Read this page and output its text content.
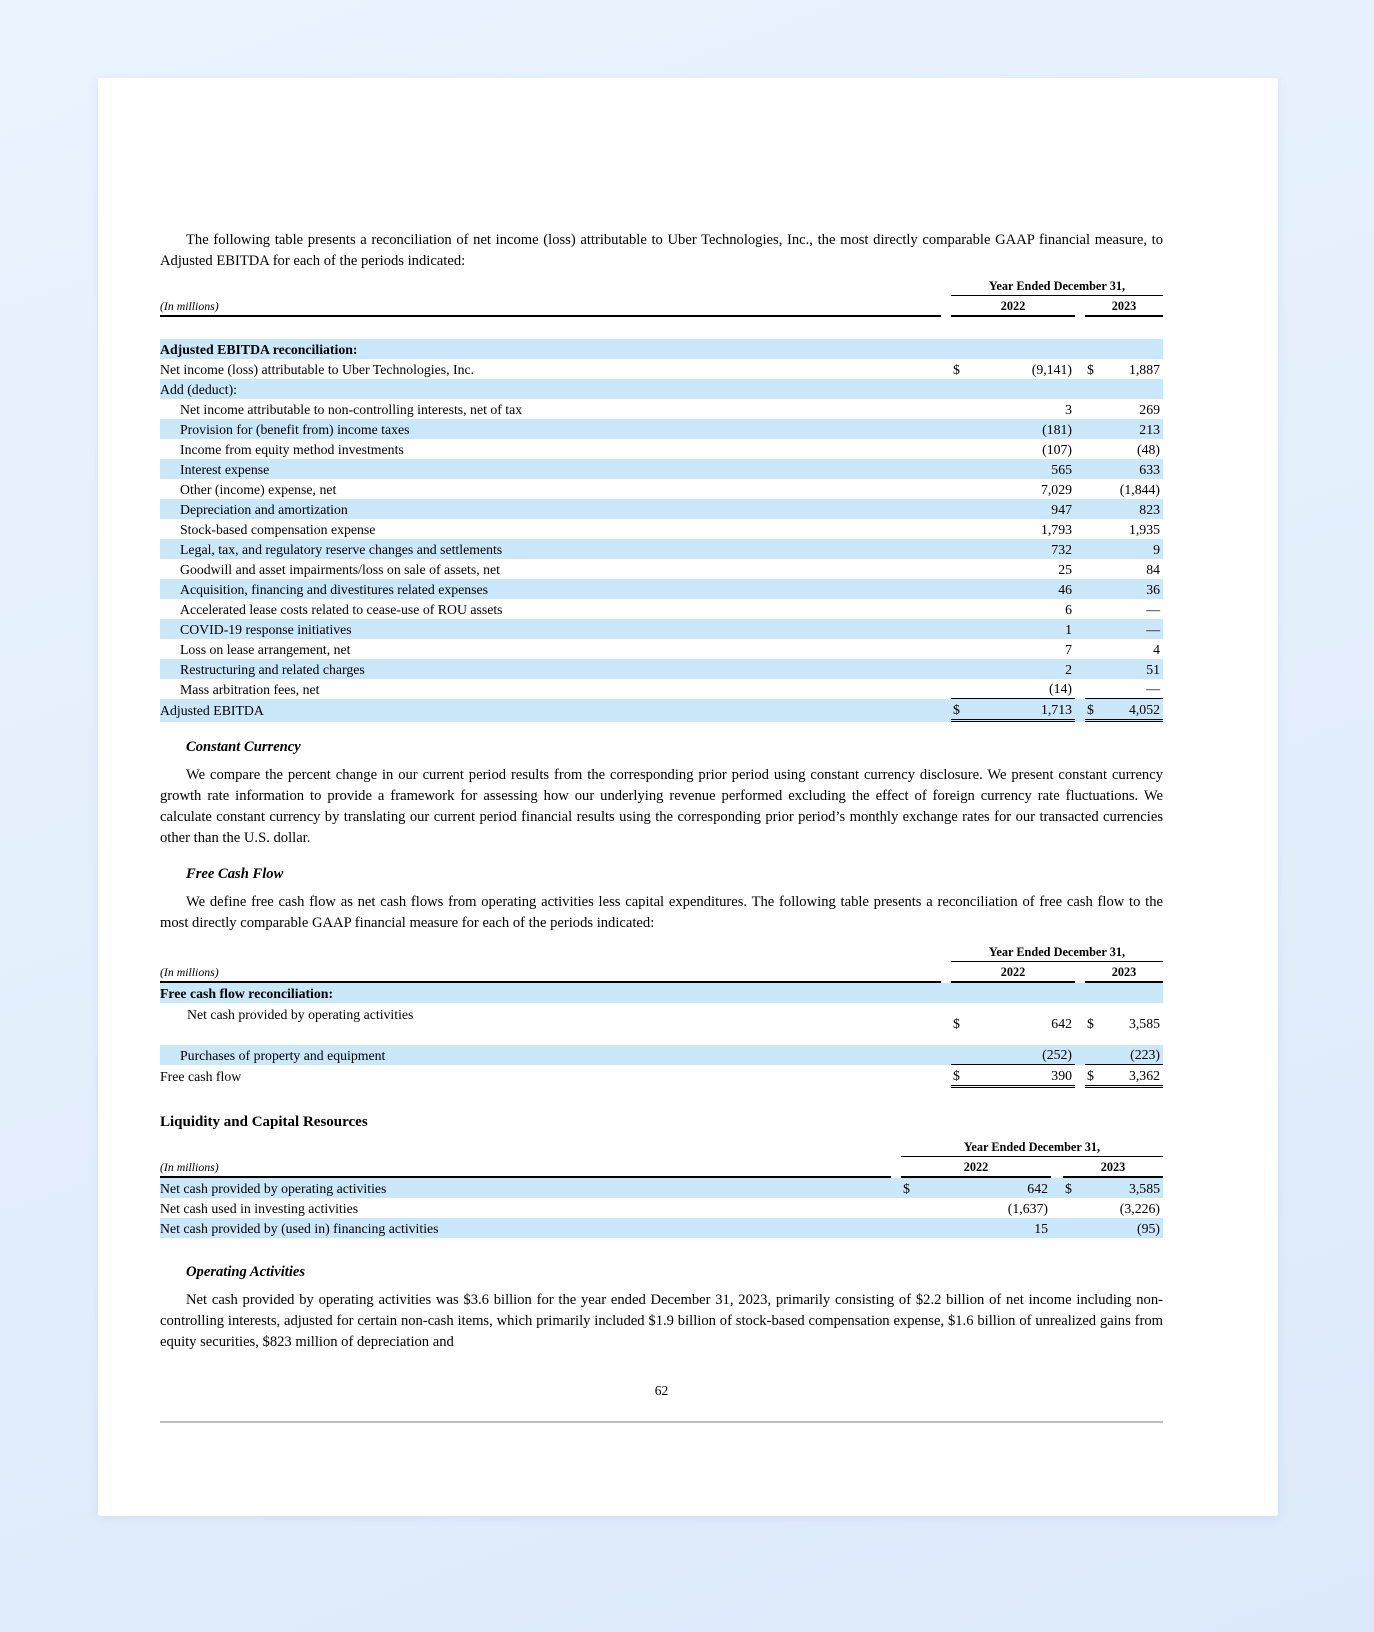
The following table presents a reconciliation of net income (loss) attributable to Uber Technologies, Inc., the most directly comparable GAAP financial measure, to Adjusted EBITDA for each of the periods indicated:

Year Ended December 31,
(In millions)	2022	2023
Adjusted EBITDA reconciliation:
Net income (loss) attributable to Uber Technologies, Inc.	$	(9,141) $	1,887
Add (deduct):
Net income attributable to non-controlling interests, net of tax	3	269
Provision for (benefit from) income taxes	(181)	213
Income from equity method investments	(107)	(48)
Interest expense	565	633
Other (income) expense, net	7,029	(1,844)
Depreciation and amortization	947	823
Stock-based compensation expense	1,793	1,935
Legal, tax, and regulatory reserve changes and settlements	732	9
Goodwill and asset impairments/loss on sale of assets, net	25	84
Acquisition, financing and divestitures related expenses	46	36
Accelerated lease costs related to cease-use of ROU assets	6	—
COVID-19 response initiatives	1	—
Loss on lease arrangement, net	7	4
Restructuring and related charges	2	51
Mass arbitration fees, net	(14)	—
Adjusted EBITDA	$	1,713 $	4,052
Constant Currency

We compare the percent change in our current period results from the corresponding prior period using constant currency disclosure. We present constant currency growth rate information to provide a framework for assessing how our underlying revenue performed excluding the effect of foreign currency rate fluctuations. We calculate constant currency by translating our current period financial results using the corresponding prior period’s monthly exchange rates for our transacted currencies other than the U.S. dollar.

Free Cash Flow

We define free cash flow as net cash flows from operating activities less capital expenditures. The following table presents a reconciliation of free cash flow to the most directly comparable GAAP financial measure for each of the periods indicated:

Year Ended December 31,
(In millions)	2022	2023
Free cash flow reconciliation:
Net cash provided by operating activities
$	642 $	3,585
Purchases of property and equipment	(252)	(223)
Free cash flow	$	390 $	3,362
Liquidity and Capital Resources
Year Ended December 31,
(In millions)	2022	2023
Net cash provided by operating activities	$	642 $	3,585
Net cash used in investing activities	(1,637)	(3,226)
Net cash provided by (used in) financing activities	15	(95)
Operating Activities

Net cash provided by operating activities was $3.6 billion for the year ended December 31, 2023, primarily consisting of $2.2 billion of net income including non-controlling interests, adjusted for certain non-cash items, which primarily included $1.9 billion of stock-based compensation expense, $1.6 billion of unrealized gains from equity securities, $823 million of depreciation and

62
